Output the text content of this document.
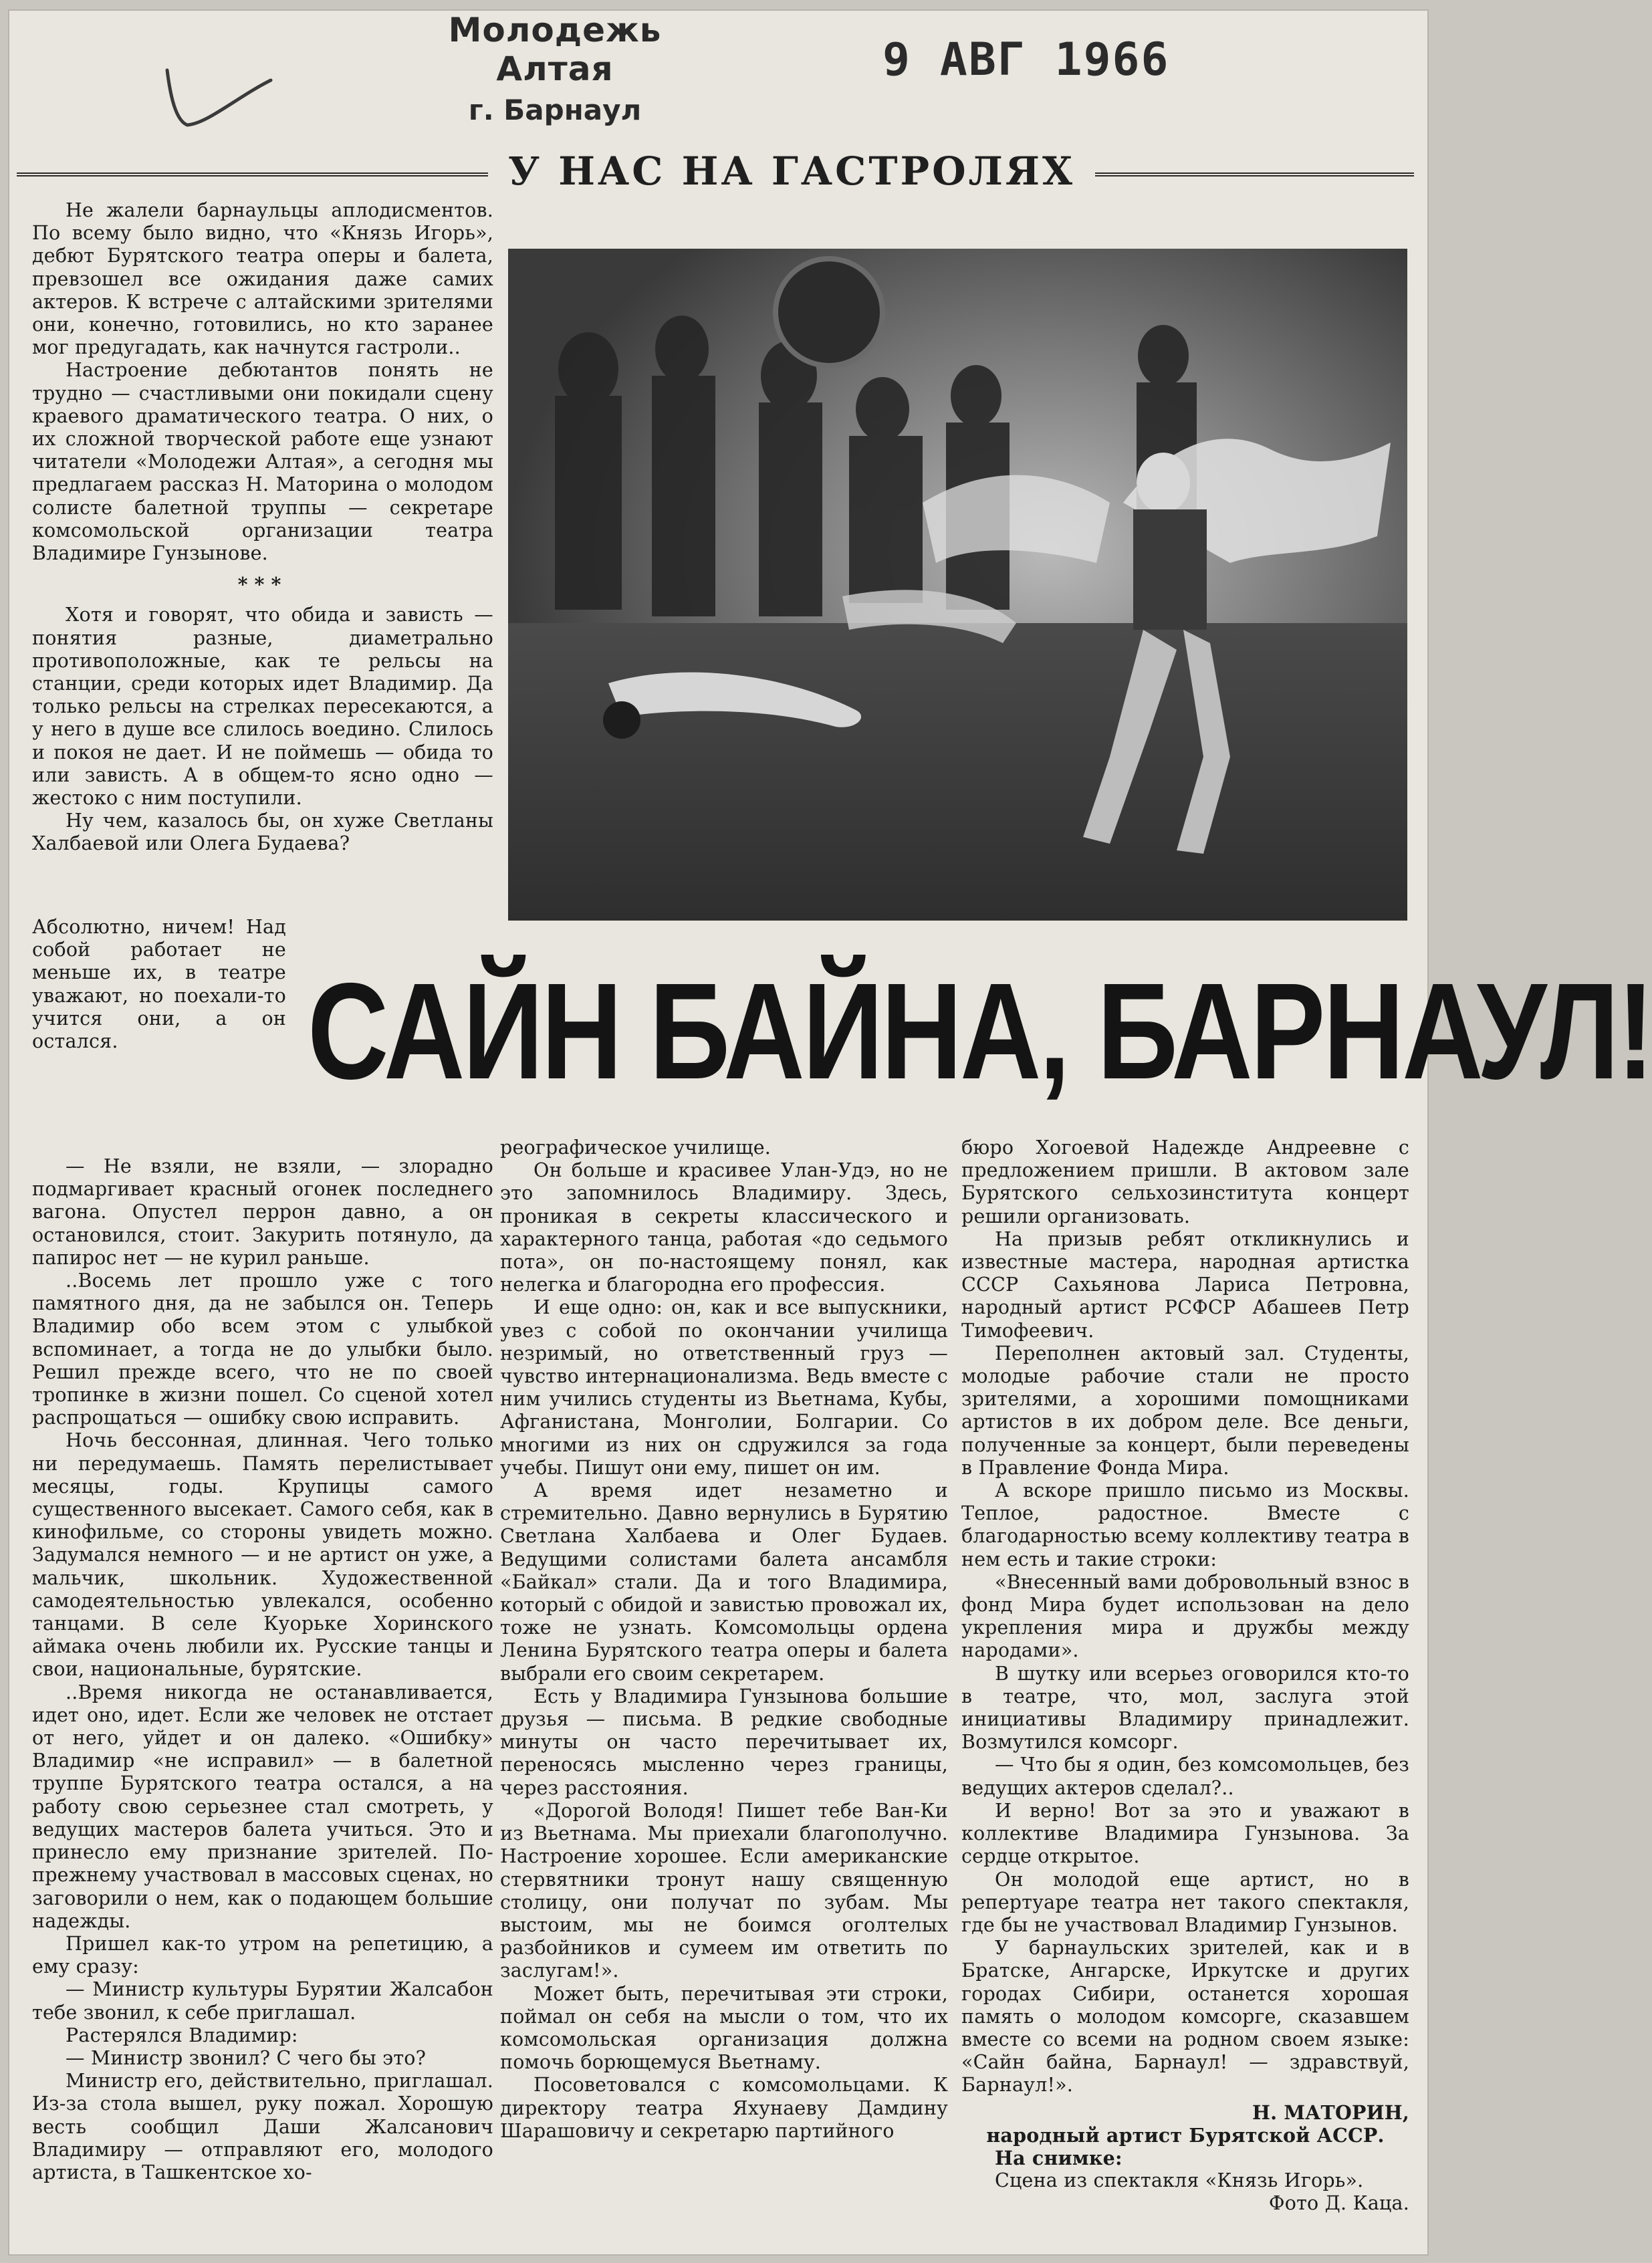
Молодежь Алтая
г. Барнаул
9 АВГ 1966
У НАС НА ГАСТРОЛЯХ

Не жалели барнаульцы аплодисментов. По всему было видно, что «Князь Игорь», дебют Бурятского театра оперы и балета, превзошел все ожидания даже самих актеров. К встрече с алтайскими зрителями они, конечно, готовились, но кто заранее мог предугадать, как начнутся гастроли..

Настроение дебютантов понять не трудно — счастливыми они покидали сцену краевого драматического театра. О них, о их сложной творческой работе еще узнают читатели «Молодежи Алтая», а сегодня мы предлагаем рассказ Н. Маторина о молодом солисте балетной труппы — секретаре комсомольской организации театра Владимире Гунзынове.

***

Хотя и говорят, что обида и зависть — понятия разные, диаметрально противоположные, как те рельсы на станции, среди которых идет Владимир. Да только рельсы на стрелках пересекаются, а у него в душе все слилось воедино. Слилось и покоя не дает. И не поймешь — обида то или зависть. А в общем-то ясно одно — жестоко с ним поступили.

Ну чем, казалось бы, он хуже Светланы Халбаевой или Олега Будаева?

Абсолютно, ничем! Над собой работает не меньше их, в театре уважают, но поехали-то учится они, а он остался.	САЙН БАЙНА, БАРНАУЛ!

— Не взяли, не взяли, — злорадно подмаргивает красный огонек последнего вагона. Опустел перрон давно, а он остановился, стоит. Закурить потянуло, да папирос нет — не курил раньше.

..Восемь лет прошло уже с того памятного дня, да не забылся он. Теперь Владимир обо всем этом с улыбкой вспоминает, а тогда не до улыбки было. Решил прежде всего, что не по своей тропинке в жизни пошел. Со сценой хотел распрощаться — ошибку свою исправить.

Ночь бессонная, длинная. Чего только ни передумаешь. Память перелистывает месяцы, годы. Крупицы самого существенного высекает. Самого себя, как в кинофильме, со стороны увидеть можно. Задумался немного — и не артист он уже, а мальчик, школьник. Художественной самодеятельностью увлекался, особенно танцами. В селе Куорьке Хоринского аймака очень любили их. Русские танцы и свои, национальные, бурятские.

..Время никогда не останавливается, идет оно, идет. Если же человек не отстает от него, уйдет и он далеко. «Ошибку» Владимир «не исправил» — в балетной труппе Бурятского театра остался, а на работу свою серьезнее стал смотреть, у ведущих мастеров балета учиться. Это и принесло ему признание зрителей. По-прежнему участвовал в массовых сценах, но заговорили о нем, как о подающем большие надежды.

Пришел как-то утром на репетицию, а ему сразу:

— Министр культуры Бурятии Жалсабон тебе звонил, к себе приглашал.

Растерялся Владимир:

— Министр звонил? С чего бы это?

Министр его, действительно, приглашал. Из-за стола вышел, руку пожал. Хорошую весть сообщил Даши Жалсанович Владимиру — отправляют его, молодого артиста, в Ташкентское хо-

реографическое училище.

Он больше и красивее Улан-Удэ, но не это запомнилось Владимиру. Здесь, проникая в секреты классического и характерного танца, работая «до седьмого пота», он по-настоящему понял, как нелегка и благородна его профессия.

И еще одно: он, как и все выпускники, увез с собой по окончании училища незримый, но ответственный груз — чувство интернационализма. Ведь вместе с ним учились студенты из Вьетнама, Кубы, Афганистана, Монголии, Болгарии. Со многими из них он сдружился за года учебы. Пишут они ему, пишет он им.

А время идет незаметно и стремительно. Давно вернулись в Бурятию Светлана Халбаева и Олег Будаев. Ведущими солистами балета ансамбля «Байкал» стали. Да и того Владимира, который с обидой и завистью провожал их, тоже не узнать. Комсомольцы ордена Ленина Бурятского театра оперы и балета выбрали его своим секретарем.

Есть у Владимира Гунзынова большие друзья — письма. В редкие свободные минуты он часто перечитывает их, переносясь мысленно через границы, через расстояния.

«Дорогой Володя! Пишет тебе Ван-Ки из Вьетнама. Мы приехали благополучно. Настроение хорошее. Если американские стервятники тронут нашу священную столицу, они получат по зубам. Мы выстоим, мы не боимся оголтелых разбойников и сумеем им ответить по заслугам!».

Может быть, перечитывая эти строки, поймал он себя на мысли о том, что их комсомольская организация должна помочь борющемуся Вьетнаму.

Посоветовался с комсомольцами. К директору театра Яхунаеву Дамдину Шарашовичу и секретарю партийного

бюро Хогоевой Надежде Андреевне с предложением пришли. В актовом зале Бурятского сельхозинститута концерт решили организовать.

На призыв ребят откликнулись и известные мастера, народная артистка СССР Сахьянова Лариса Петровна, народный артист РСФСР Абашеев Петр Тимофеевич.

Переполнен актовый зал. Студенты, молодые рабочие стали не просто зрителями, а хорошими помощниками артистов в их добром деле. Все деньги, полученные за концерт, были переведены в Правление Фонда Мира.

А вскоре пришло письмо из Москвы. Теплое, радостное. Вместе с благодарностью всему коллективу театра в нем есть и такие строки:

«Внесенный вами добровольный взнос в фонд Мира будет использован на дело укрепления мира и дружбы между народами».

В шутку или всерьез оговорился кто-то в театре, что, мол, заслуга этой инициативы Владимиру принадлежит. Возмутился комсорг.

— Что бы я один, без комсомольцев, без ведущих актеров сделал?..

И верно! Вот за это и уважают в коллективе Владимира Гунзынова. За сердце открытое.

Он молодой еще артист, но в репертуаре театра нет такого спектакля, где бы не участвовал Владимир Гунзынов.

У барнаульских зрителей, как и в Братске, Ангарске, Иркутске и других городах Сибири, останется хорошая память о молодом комсорге, сказавшем вместе со всеми на родном своем языке: «Сайн байна, Барнаул! — здравствуй, Барнаул!».

Н. МАТОРИН,
народный артист Бурятской АССР.

На снимке:

Сцена из спектакля «Князь Игорь».

Фото Д. Каца.
